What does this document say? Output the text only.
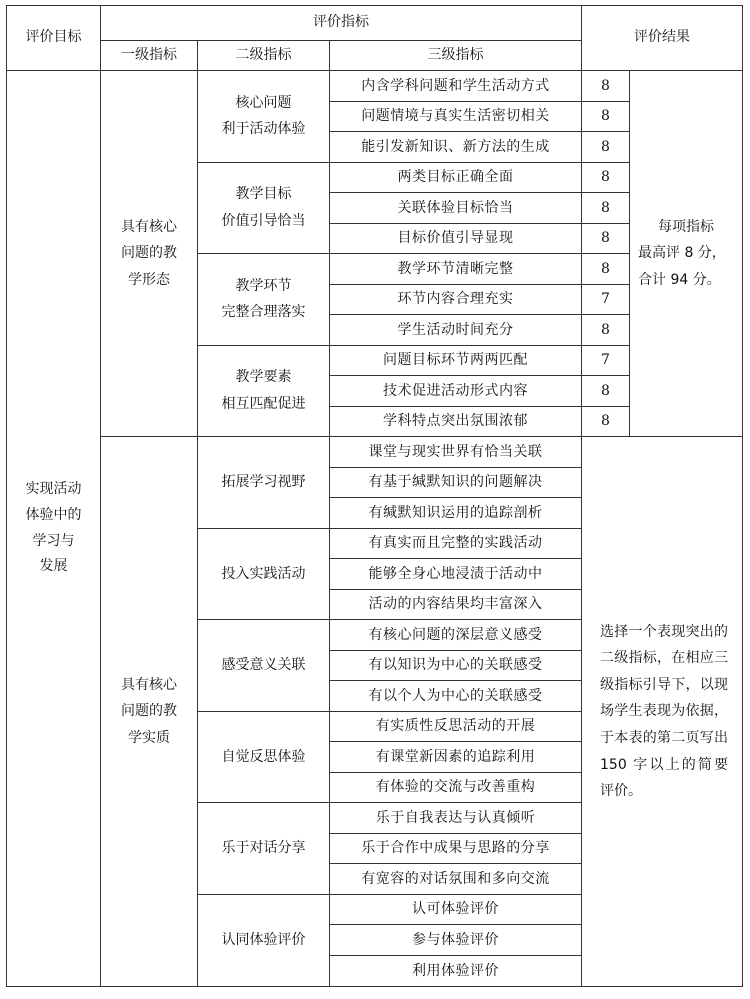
评价目标	评价指标			评价结果	
	一级指标	二级指标	三级指标		

实现活动
体验中的
学习与
发展	具有核心
问题的教
学形态	核心问题
利于活动体验	内含学科问题和学生活动方式	8	每项指标
最高评 8 分，
合计 94 分。

			问题情境与真实生活密切相关	8	
			能引发新知识、新方法的生成	8	

		教学目标
价值引导恰当	两类目标正确全面	8	
			关联体验目标恰当	8	
			目标价值引导显现	8	

		教学环节
完整合理落实	教学环节清晰完整	8	
			环节内容合理充实	7	
			学生活动时间充分	8	

		教学要素
相互匹配促进	问题目标环节两两匹配	7	
			技术促进活动形式内容	8	
			学科特点突出氛围浓郁	8	

	具有核心
问题的教
学实质	拓展学习视野	课堂与现实世界有恰当关联	选择一个表现突出的二级指标，在相应三级指标引导下，以现场学生表现为依据，于本表的第二页写出 150 字以上的简要评价。	
			有基于缄默知识的问题解决		
			有缄默知识运用的追踪剖析		
		投入实践活动	有真实而且完整的实践活动		
			能够全身心地浸渍于活动中		
			活动的内容结果均丰富深入		
		感受意义关联	有核心问题的深层意义感受		
			有以知识为中心的关联感受		
			有以个人为中心的关联感受		
		自觉反思体验	有实质性反思活动的开展		
			有课堂新因素的追踪利用		
			有体验的交流与改善重构		
		乐于对话分享	乐于自我表达与认真倾听		
			乐于合作中成果与思路的分享		
			有宽容的对话氛围和多向交流		
		认同体验评价	认可体验评价		
			参与体验评价		
			利用体验评价		
